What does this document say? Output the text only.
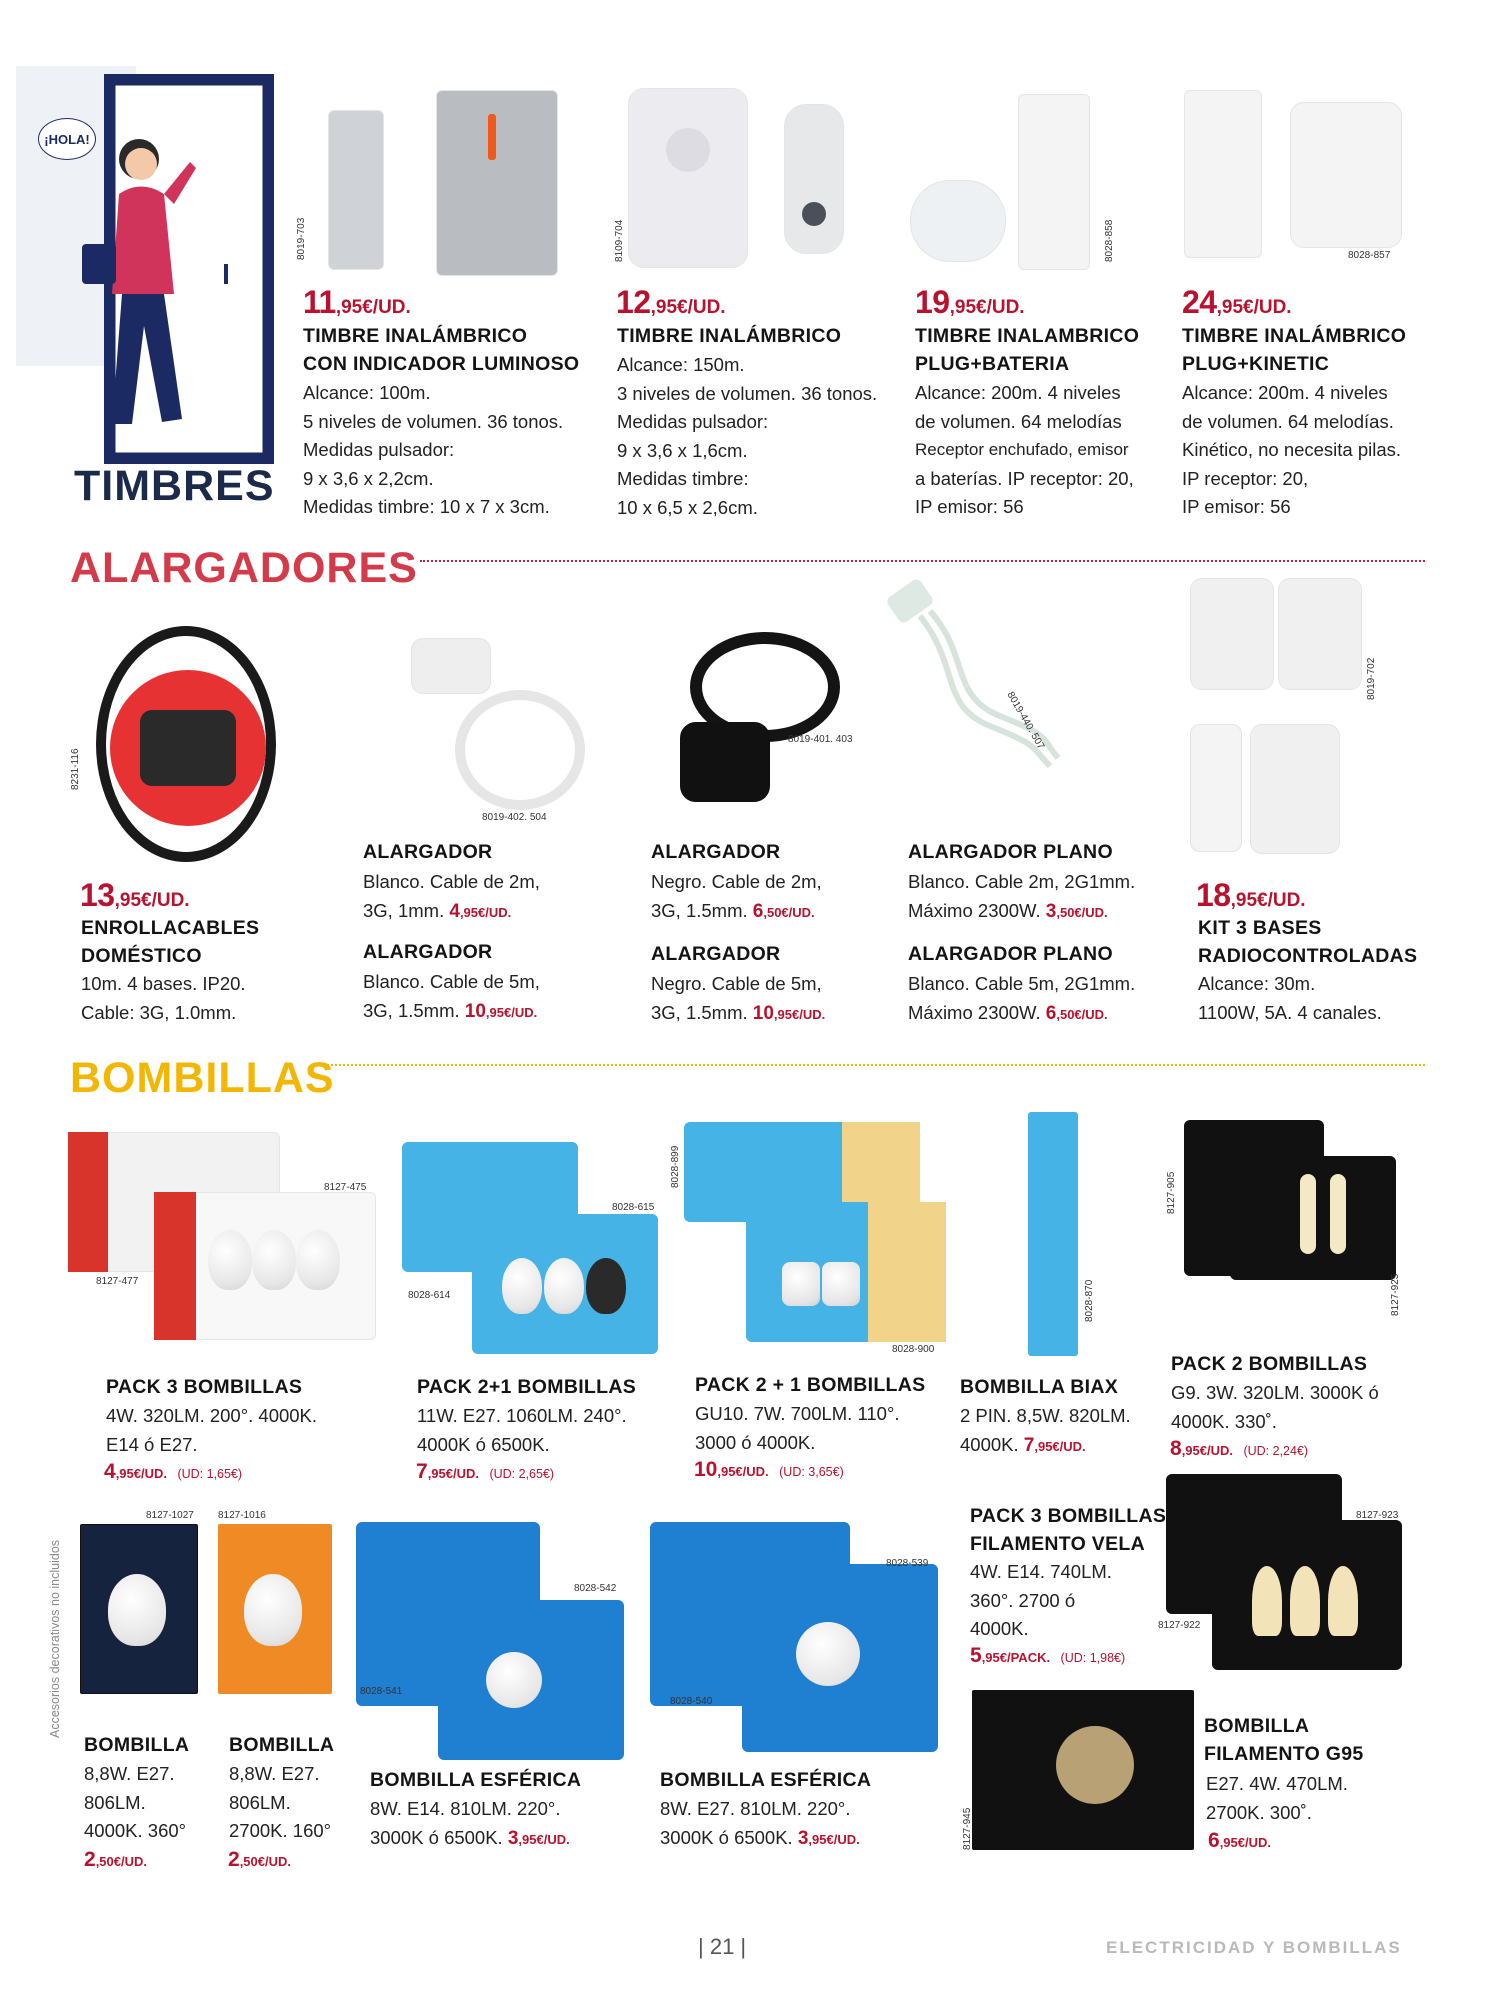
¡HOLA!
TIMBRES
8019-703
11,95€/UD.
TIMBRE INALÁMBRICO
CON INDICADOR LUMINOSO
Alcance: 100m.
5 niveles de volumen. 36 tonos.
Medidas pulsador:
9 x 3,6 x 2,2cm.
Medidas timbre: 10 x 7 x 3cm.
8109-704
12,95€/UD.
TIMBRE INALÁMBRICO
Alcance: 150m.
3 niveles de volumen. 36 tonos.
Medidas pulsador:
9 x 3,6 x 1,6cm.
Medidas timbre:
10 x 6,5 x 2,6cm.
8028-858
19,95€/UD.
TIMBRE INALAMBRICO
PLUG+BATERIA
Alcance: 200m. 4 niveles
de volumen. 64 melodías
Receptor enchufado, emisor
a baterías. IP receptor: 20,
IP emisor: 56
8028-857
24,95€/UD.
TIMBRE INALÁMBRICO
PLUG+KINETIC
Alcance: 200m. 4 niveles
de volumen. 64 melodías.
Kinético, no necesita pilas.
IP receptor: 20,
IP emisor: 56
ALARGADORES
8231-116
13,95€/UD.
ENROLLACABLES
DOMÉSTICO
10m. 4 bases. IP20.
Cable: 3G, 1.0mm.
8019-402. 504
ALARGADOR
Blanco. Cable de 2m,
3G, 1mm. 4,95€/UD.
ALARGADOR
Blanco. Cable de 5m,
3G, 1.5mm. 10,95€/UD.
8019-401. 403
ALARGADOR
Negro. Cable de 2m,
3G, 1.5mm. 6,50€/UD.
ALARGADOR
Negro. Cable de 5m,
3G, 1.5mm. 10,95€/UD.
8019-440. 507
ALARGADOR PLANO
Blanco. Cable 2m, 2G1mm.
Máximo 2300W. 3,50€/UD.
ALARGADOR PLANO
Blanco. Cable 5m, 2G1mm.
Máximo 2300W. 6,50€/UD.
8019-702
18,95€/UD.
KIT 3 BASES
RADIOCONTROLADAS
Alcance: 30m.
1100W, 5A. 4 canales.
BOMBILLAS
8127-475
8127-477
PACK 3 BOMBILLAS
4W. 320LM. 200°. 4000K.
E14 ó E27.
4,95€/UD. (UD: 1,65€)
8028-615
8028-614
PACK 2+1 BOMBILLAS
11W. E27. 1060LM. 240°.
4000K ó 6500K.
7,95€/UD. (UD: 2,65€)
8028-899
8028-900
PACK 2 + 1 BOMBILLAS
GU10. 7W. 700LM. 110°.
3000 ó 4000K.
10,95€/UD. (UD: 3,65€)
8028-870
BOMBILLA BIAX
2 PIN. 8,5W. 820LM.
4000K. 7,95€/UD.
8127-905
8127-925
PACK 2 BOMBILLAS
G9. 3W. 320LM. 3000K ó
4000K. 330˚.
8,95€/UD. (UD: 2,24€)
Accesorios decorativos no incluidos
8127-1027
BOMBILLA
8,8W. E27.
806LM.
4000K. 360°
2,50€/UD.
8127-1016
BOMBILLA
8,8W. E27.
806LM.
2700K. 160°
2,50€/UD.
8028-542
8028-541
BOMBILLA ESFÉRICA
8W. E14. 810LM. 220°.
3000K ó 6500K. 3,95€/UD.
8028-539
8028-540
BOMBILLA ESFÉRICA
8W. E27. 810LM. 220°.
3000K ó 6500K. 3,95€/UD.
PACK 3 BOMBILLAS
FILAMENTO VELA
4W. E14. 740LM.
360°. 2700 ó
4000K.
5,95€/PACK. (UD: 1,98€)
8127-923
8127-922
8127-945
BOMBILLA
FILAMENTO G95
E27. 4W. 470LM.
2700K. 300˚.
6,95€/UD.
| 21 |	ELECTRICIDAD Y BOMBILLAS
